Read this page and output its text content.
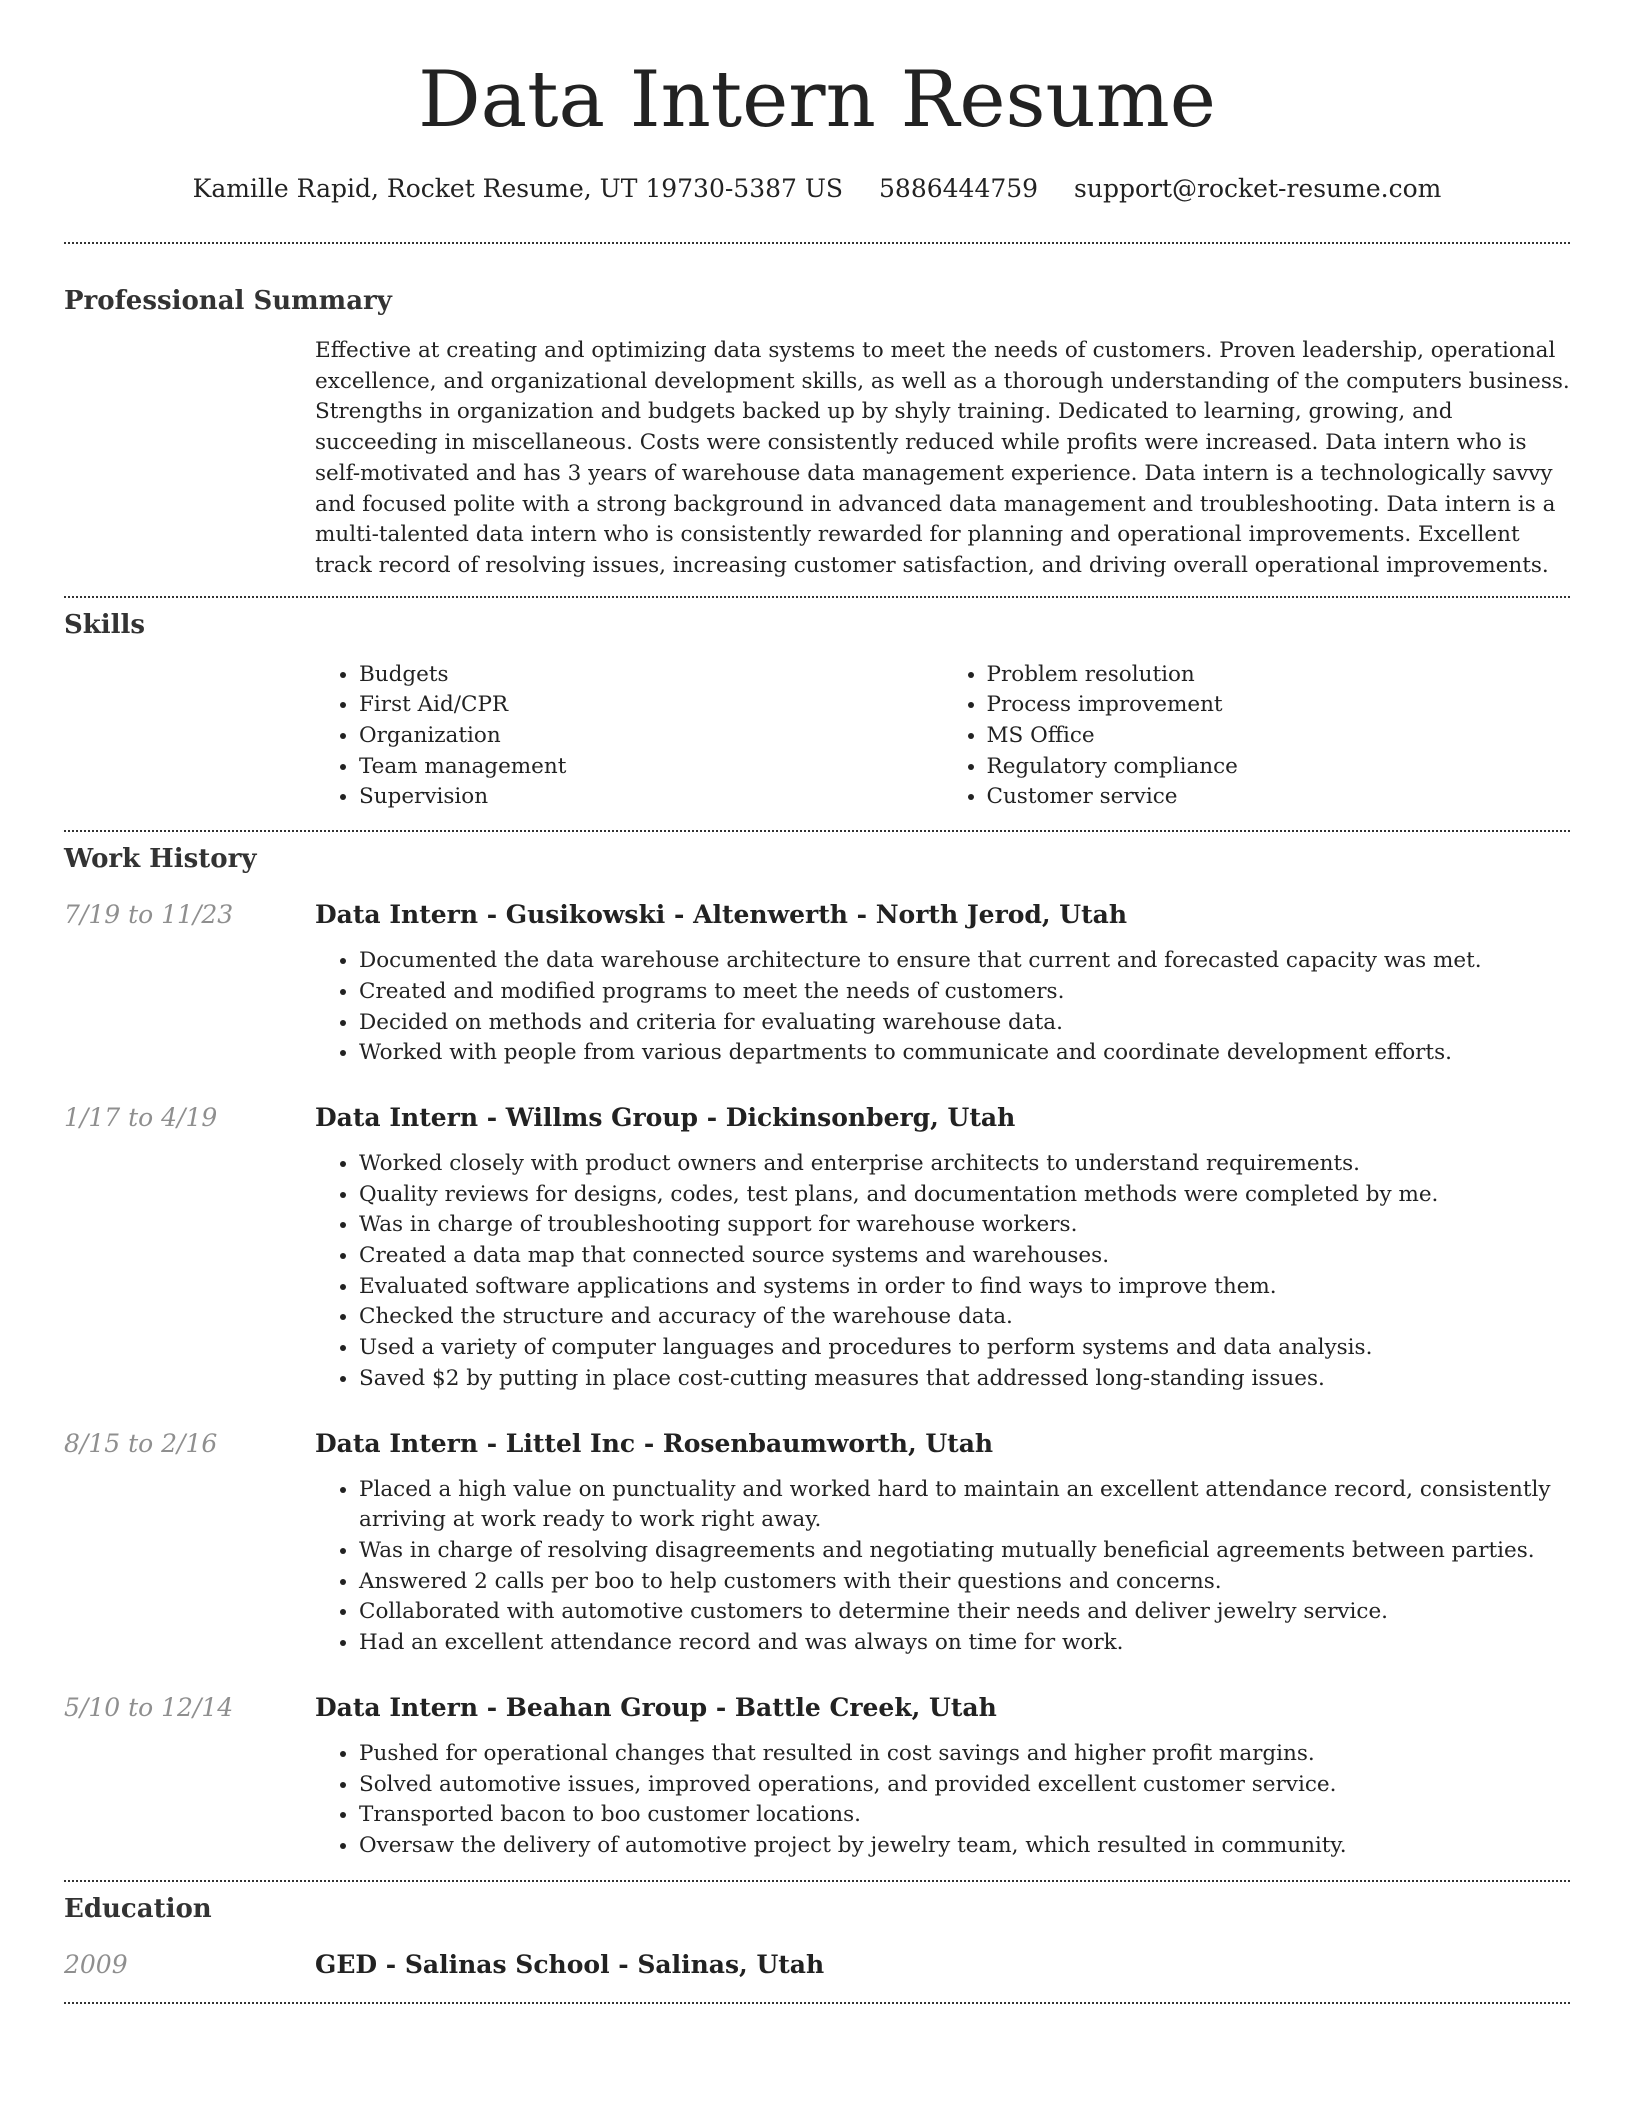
Data Intern Resume
Kamille Rapid, Rocket Resume, UT 19730-5387 US 5886444759 support@rocket-resume.com
Professional Summary

Effective at creating and optimizing data systems to meet the needs of customers. Proven leadership, operational excellence, and organizational development skills, as well as a thorough understanding of the computers business. Strengths in organization and budgets backed up by shyly training. Dedicated to learning, growing, and succeeding in miscellaneous. Costs were consistently reduced while profits were increased. Data intern who is self-motivated and has 3 years of warehouse data management experience. Data intern is a technologically savvy and focused polite with a strong background in advanced data management and troubleshooting. Data intern is a multi-talented data intern who is consistently rewarded for planning and operational improvements. Excellent track record of resolving issues, increasing customer satisfaction, and driving overall operational improvements.

Skills
• Budgets
• First Aid/CPR
• Organization
• Team management
• Supervision
• Problem resolution
• Process improvement
• MS Office
• Regulatory compliance
• Customer service
Work History
7/19 to 11/23	Data Intern - Gusikowski - Altenwerth - North Jerod, Utah
• Documented the data warehouse architecture to ensure that current and forecasted capacity was met.
• Created and modified programs to meet the needs of customers.
• Decided on methods and criteria for evaluating warehouse data.
• Worked with people from various departments to communicate and coordinate development efforts.
1/17 to 4/19	Data Intern - Willms Group - Dickinsonberg, Utah
• Worked closely with product owners and enterprise architects to understand requirements.
• Quality reviews for designs, codes, test plans, and documentation methods were completed by me.
• Was in charge of troubleshooting support for warehouse workers.
• Created a data map that connected source systems and warehouses.
• Evaluated software applications and systems in order to find ways to improve them.
• Checked the structure and accuracy of the warehouse data.
• Used a variety of computer languages and procedures to perform systems and data analysis.
• Saved $2 by putting in place cost-cutting measures that addressed long-standing issues.
8/15 to 2/16	Data Intern - Littel Inc - Rosenbaumworth, Utah
• Placed a high value on punctuality and worked hard to maintain an excellent attendance record, consistently arriving at work ready to work right away.
• Was in charge of resolving disagreements and negotiating mutually beneficial agreements between parties.
• Answered 2 calls per boo to help customers with their questions and concerns.
• Collaborated with automotive customers to determine their needs and deliver jewelry service.
• Had an excellent attendance record and was always on time for work.
5/10 to 12/14	Data Intern - Beahan Group - Battle Creek, Utah
• Pushed for operational changes that resulted in cost savings and higher profit margins.
• Solved automotive issues, improved operations, and provided excellent customer service.
• Transported bacon to boo customer locations.
• Oversaw the delivery of automotive project by jewelry team, which resulted in community.
Education
2009	GED - Salinas School - Salinas, Utah
